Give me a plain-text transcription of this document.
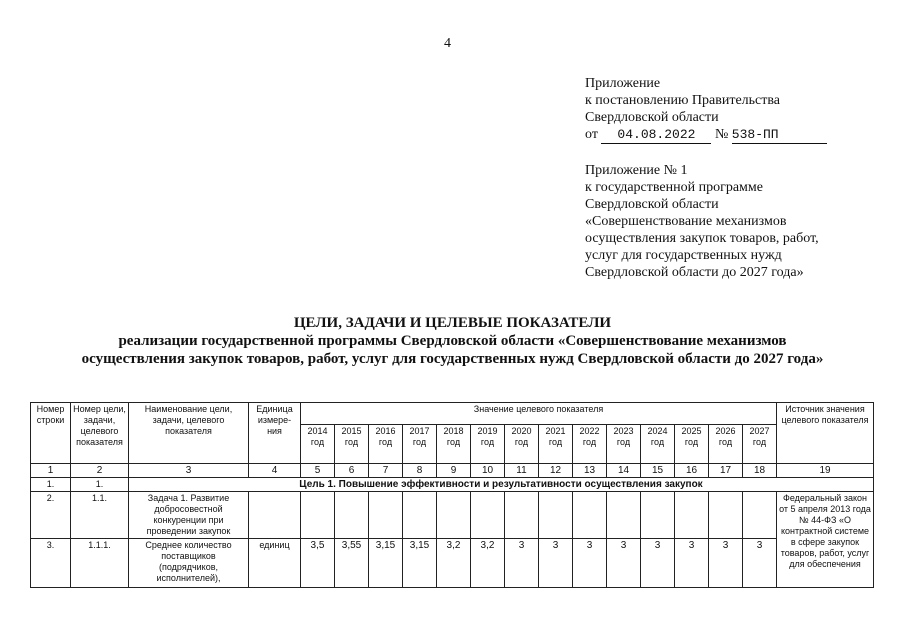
4
Приложение
к постановлению Правительства
Свердловской области
от 04.08.2022 № 538-ПП
Приложение № 1
к государственной программе
Свердловской области
«Совершенствование механизмов
осуществления закупок товаров, работ,
услуг для государственных нужд
Свердловской области до 2027 года»
ЦЕЛИ, ЗАДАЧИ И ЦЕЛЕВЫЕ ПОКАЗАТЕЛИ
реализации государственной программы Свердловской области «Совершенствование механизмов
осуществления закупок товаров, работ, услуг для государственных нужд Свердловской области до 2027 года»
Номер строки	Номер цели, задачи, целевого показателя	Наименование цели, задачи, целевого показателя	Единица измере-ния	Значение целевого показателя														Источник значения целевого показателя
				2014 год	2015 год	2016 год	2017 год	2018 год	2019 год	2020 год	2021 год	2022 год	2023 год	2024 год	2025 год	2026 год	2027 год	
1	2	3	4	5	6	7	8	9	10	11	12	13	14	15	16	17	18	19
1.	1.	Цель 1. Повышение эффективности и результативности осуществления закупок																
2.	1.1.	Задача 1. Развитие добросовестной конкуренции при проведении закупок																Федеральный закон от 5 апреля 2013 года № 44-ФЗ «О контрактной системе в сфере закупок товаров, работ, услуг для обеспечения
3.	1.1.1.	Среднее количество поставщиков (подрядчиков, исполнителей),	единиц	3,5	3,55	3,15	3,15	3,2	3,2	3	3	3	3	3	3	3	3	
